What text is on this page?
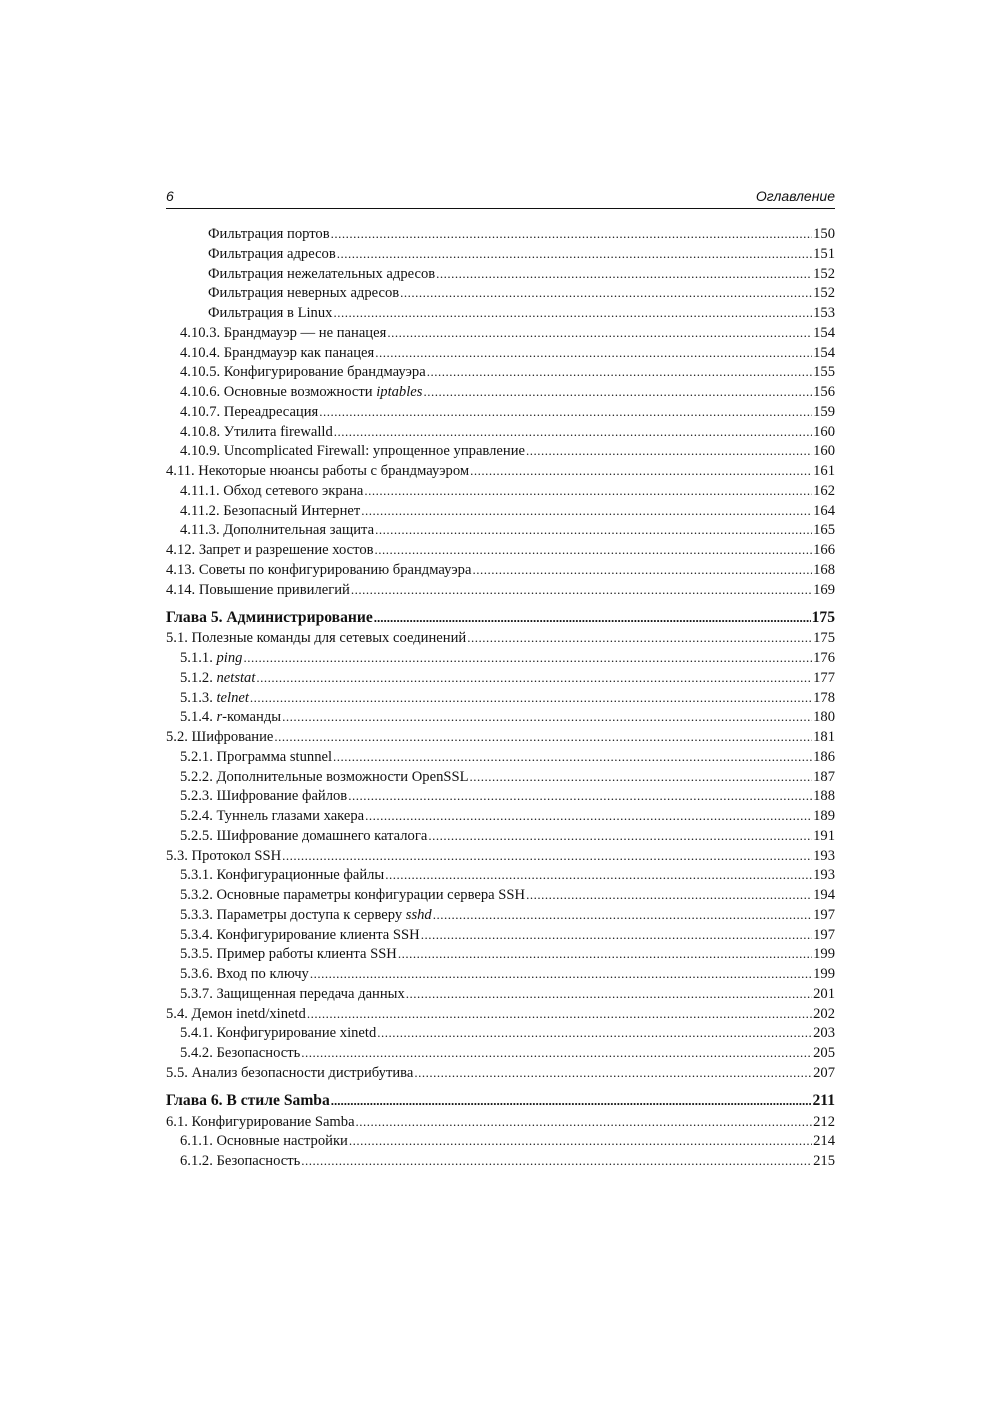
6	Оглавление
Фильтрация портов .....	150
Фильтрация адресов .....	151
Фильтрация нежелательных адресов .....	152
Фильтрация неверных адресов .....	152
Фильтрация в Linux .....	153
4.10.3. Брандмауэр — не панацея .....	154
4.10.4. Брандмауэр как панацея .....	154
4.10.5. Конфигурирование брандмауэра .....	155
4.10.6. Основные возможности iptables .....	156
4.10.7. Переадресация .....	159
4.10.8. Утилита firewalld .....	160
4.10.9. Uncomplicated Firewall: упрощенное управление .....	160
4.11. Некоторые нюансы работы с брандмауэром .....	161
4.11.1. Обход сетевого экрана .....	162
4.11.2. Безопасный Интернет .....	164
4.11.3. Дополнительная защита .....	165
4.12. Запрет и разрешение хостов .....	166
4.13. Советы по конфигурированию брандмауэра .....	168
4.14. Повышение привилегий .....	169
Глава 5. Администрирование .....	175
5.1. Полезные команды для сетевых соединений .....	175
5.1.1. ping .....	176
5.1.2. netstat .....	177
5.1.3. telnet .....	178
5.1.4. r-команды .....	180
5.2. Шифрование .....	181
5.2.1. Программа stunnel .....	186
5.2.2. Дополнительные возможности OpenSSL .....	187
5.2.3. Шифрование файлов .....	188
5.2.4. Туннель глазами хакера .....	189
5.2.5. Шифрование домашнего каталога .....	191
5.3. Протокол SSH .....	193
5.3.1. Конфигурационные файлы .....	193
5.3.2. Основные параметры конфигурации сервера SSH .....	194
5.3.3. Параметры доступа к серверу sshd .....	197
5.3.4. Конфигурирование клиента SSH .....	197
5.3.5. Пример работы клиента SSH .....	199
5.3.6. Вход по ключу .....	199
5.3.7. Защищенная передача данных .....	201
5.4. Демон inetd/xinetd .....	202
5.4.1. Конфигурирование xinetd .....	203
5.4.2. Безопасность .....	205
5.5. Анализ безопасности дистрибутива .....	207
Глава 6. В стиле Samba .....	211
6.1. Конфигурирование Samba .....	212
6.1.1. Основные настройки .....	214
6.1.2. Безопасность .....	215
